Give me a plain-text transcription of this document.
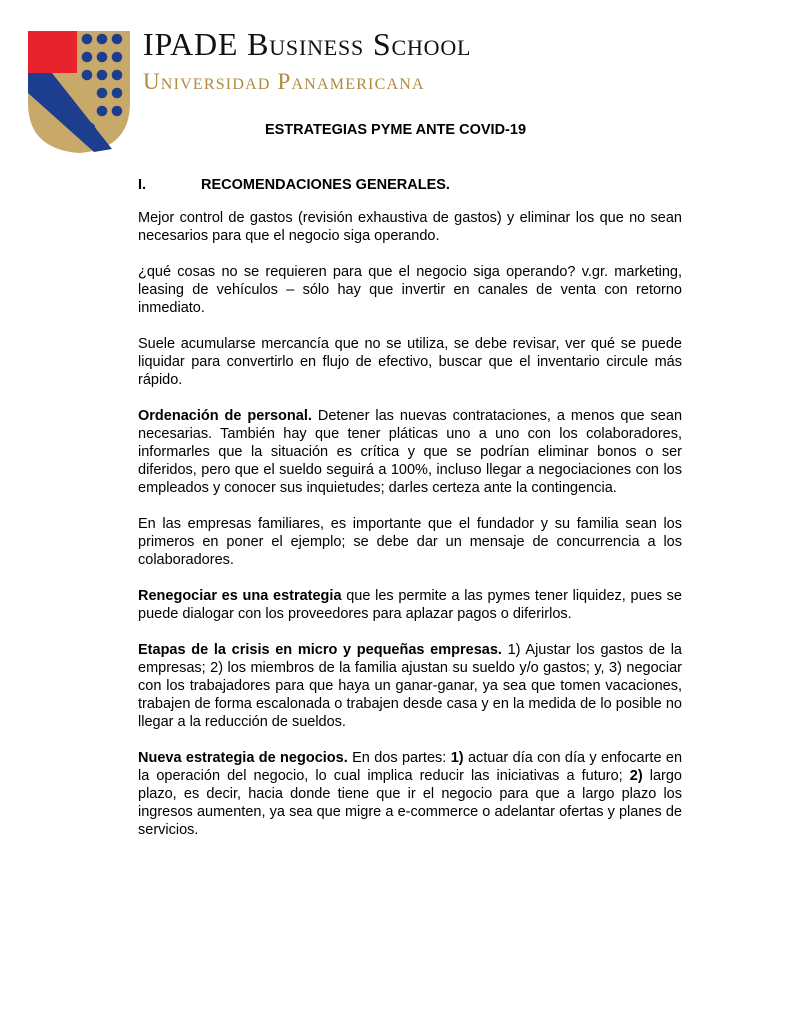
IPADE Business School
Universidad Panamericana
ESTRATEGIAS PYME ANTE COVID-19
I.	RECOMENDACIONES GENERALES.

Mejor control de gastos (revisión exhaustiva de gastos) y eliminar los que no sean necesarios para que el negocio siga operando.

¿qué cosas no se requieren para que el negocio siga operando? v.gr. marketing, leasing de vehículos – sólo hay que invertir en canales de venta con retorno inmediato.

Suele acumularse mercancía que no se utiliza, se debe revisar, ver qué se puede liquidar para convertirlo en flujo de efectivo, buscar que el inventario circule más rápido.

Ordenación de personal. Detener las nuevas contrataciones, a menos que sean necesarias. También hay que tener pláticas uno a uno con los colaboradores, informarles que la situación es crítica y que se podrían eliminar bonos o ser diferidos, pero que el sueldo seguirá a 100%, incluso llegar a negociaciones con los empleados y conocer sus inquietudes; darles certeza ante la contingencia.

En las empresas familiares, es importante que el fundador y su familia sean los primeros en poner el ejemplo; se debe dar un mensaje de concurrencia a los colaboradores.

Renegociar es una estrategia que les permite a las pymes tener liquidez, pues se puede dialogar con los proveedores para aplazar pagos o diferirlos.

Etapas de la crisis en micro y pequeñas empresas. 1) Ajustar los gastos de la empresas; 2) los miembros de la familia ajustan su sueldo y/o gastos; y, 3) negociar con los trabajadores para que haya un ganar-ganar, ya sea que tomen vacaciones, trabajen de forma escalonada o trabajen desde casa y en la medida de lo posible no llegar a la reducción de sueldos.

Nueva estrategia de negocios. En dos partes: 1) actuar día con día y enfocarte en la operación del negocio, lo cual implica reducir las iniciativas a futuro; 2) largo plazo, es decir, hacia donde tiene que ir el negocio para que a largo plazo los ingresos aumenten, ya sea que migre a e-commerce o adelantar ofertas y planes de servicios.
